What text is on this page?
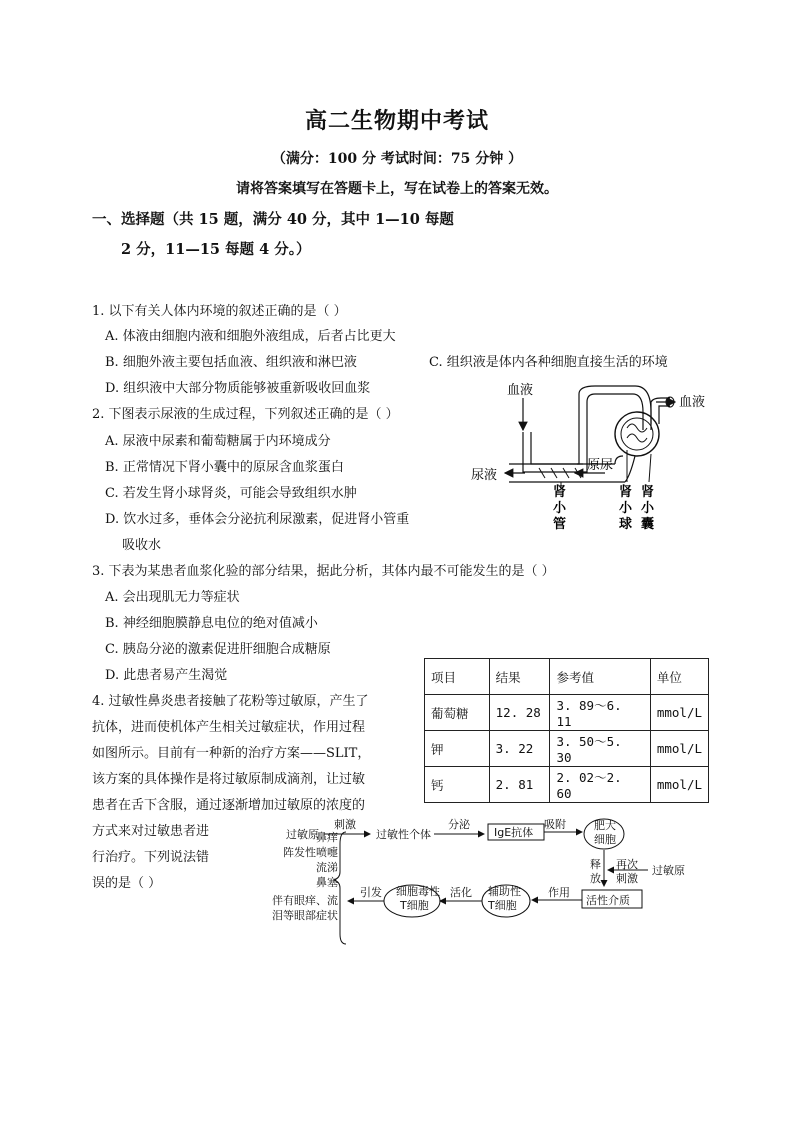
高二生物期中考试
（满分：100 分 考试时间：75 分钟 ）
请将答案填写在答题卡上，写在试卷上的答案无效。
一、选择题（共 15 题，满分 40 分，其中 1—10 每题
2 分，11—15 每题 4 分。）
1. 以下有关人体内环境的叙述正确的是（ ）
A. 体液由细胞内液和细胞外液组成，后者占比更大
B. 细胞外液主要包括血液、组织液和淋巴液	C. 组织液是体内各种细胞直接生活的环境
D. 组织液中大部分物质能够被重新吸收回血浆
2. 下图表示尿液的生成过程，下列叙述正确的是（ ）
A. 尿液中尿素和葡萄糖属于内环境成分
B. 正常情况下肾小囊中的原尿含血浆蛋白
C. 若发生肾小球肾炎，可能会导致组织水肿
D. 饮水过多，垂体会分泌抗利尿激素，促进肾小管重
吸收水
血液
血液
尿液
原尿
肾
小
管
肾
小
球
肾
小
囊
3. 下表为某患者血浆化验的部分结果，据此分析，其体内最不可能发生的是（ ）
A. 会出现肌无力等症状
B. 神经细胞膜静息电位的绝对值减小
C. 胰岛分泌的激素促进肝细胞合成糖原
D. 此患者易产生渴觉	项目	结果	参考值	单位
葡萄糖	12. 28	3. 89～6. 11	mmol/L
钾	3. 22	3. 50～5. 30	mmol/L
钙	2. 81	2. 02～2. 60	mmol/L
4. 过敏性鼻炎患者接触了花粉等过敏原，产生了
抗体，进而使机体产生相关过敏症状，作用过程
如图所示。目前有一种新的治疗方案——SLIT，
该方案的具体操作是将过敏原制成滴剂，让过敏
患者在舌下含服，通过逐渐增加过敏原的浓度的
方式来对过敏患者进
行治疗。下列说法错
误的是（ ）
过敏原
刺激
过敏性个体
分泌
IgE抗体
吸附	肥大
细胞
释
放
再次
刺激
过敏原
活性介质
作用
辅助性
T细胞
活化
细胞毒性
T细胞
引发
鼻痒
阵发性喷嚏
流涕
鼻塞
伴有眼痒、流
泪等眼部症状
